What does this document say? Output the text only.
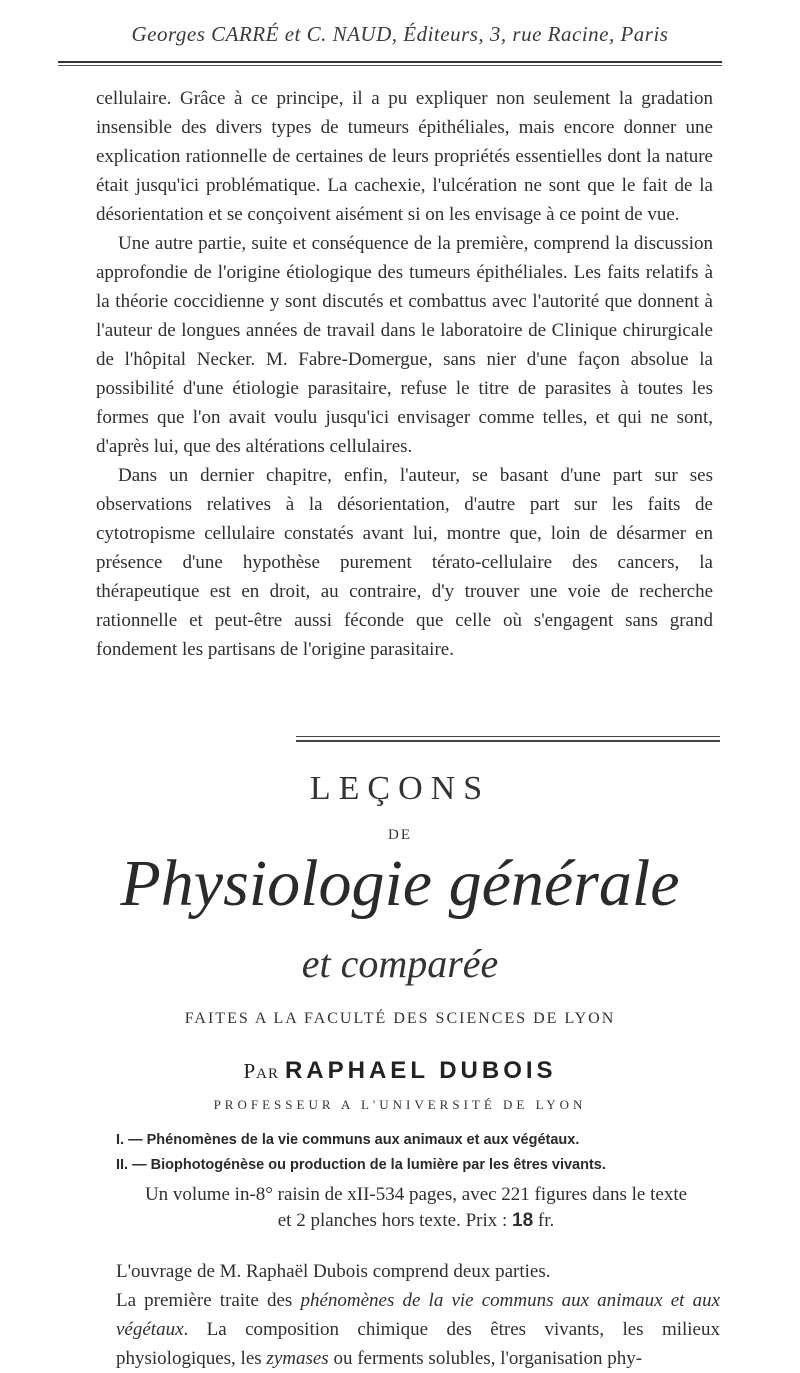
Georges CARRÉ et C. NAUD, Éditeurs, 3, rue Racine, Paris

cellulaire. Grâce à ce principe, il a pu expliquer non seulement la gradation insensible des divers types de tumeurs épithéliales, mais encore donner une explication rationnelle de certaines de leurs propriétés essentielles dont la nature était jusqu'ici problématique. La cachexie, l'ulcération ne sont que le fait de la désorientation et se conçoivent aisément si on les envisage à ce point de vue.

Une autre partie, suite et conséquence de la première, comprend la discussion approfondie de l'origine étiologique des tumeurs épithéliales. Les faits relatifs à la théorie coccidienne y sont discutés et combattus avec l'autorité que donnent à l'auteur de longues années de travail dans le laboratoire de Clinique chirurgicale de l'hôpital Necker. M. Fabre-Domergue, sans nier d'une façon absolue la possibilité d'une étiologie parasitaire, refuse le titre de parasites à toutes les formes que l'on avait voulu jusqu'ici envisager comme telles, et qui ne sont, d'après lui, que des altérations cellulaires.

Dans un dernier chapitre, enfin, l'auteur, se basant d'une part sur ses observations relatives à la désorientation, d'autre part sur les faits de cytotropisme cellulaire constatés avant lui, montre que, loin de désarmer en présence d'une hypothèse purement térato-cellulaire des cancers, la thérapeutique est en droit, au contraire, d'y trouver une voie de recherche rationnelle et peut-être aussi féconde que celle où s'engagent sans grand fondement les partisans de l'origine parasitaire.

LEÇONS
DE
Physiologie générale
et comparée
FAITES A LA FACULTÉ DES SCIENCES DE LYON
Par RAPHAEL DUBOIS
PROFESSEUR A L'UNIVERSITÉ DE LYON
I. — Phénomènes de la vie communs aux animaux et aux végétaux.
II. — Biophotogénèse ou production de la lumière par les êtres vivants.
Un volume in-8° raisin de xII-534 pages, avec 221 figures dans le texte
et 2 planches hors texte. Prix : 18 fr.

L'ouvrage de M. Raphaël Dubois comprend deux parties.

La première traite des phénomènes de la vie communs aux animaux et aux végétaux. La composition chimique des êtres vivants, les milieux physiologiques, les zymases ou ferments solubles, l'organisation phy-
